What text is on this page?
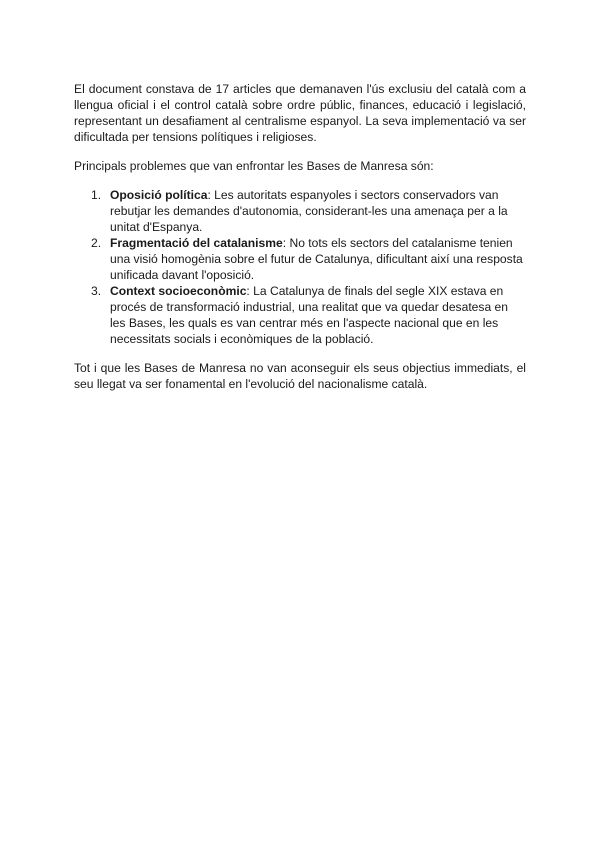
El document constava de 17 articles que demanaven l'ús exclusiu del català com a llengua oficial i el control català sobre ordre públic, finances, educació i legislació, representant un desafiament al centralisme espanyol. La seva implementació va ser dificultada per tensions polítiques i religioses.

Principals problemes que van enfrontar les Bases de Manresa són:

1. Oposició política: Les autoritats espanyoles i sectors conservadors van rebutjar les demandes d'autonomia, considerant-les una amenaça per a la unitat d'Espanya.
2. Fragmentació del catalanisme: No tots els sectors del catalanisme tenien una visió homogènia sobre el futur de Catalunya, dificultant així una resposta unificada davant l'oposició.
3. Context socioeconòmic: La Catalunya de finals del segle XIX estava en procés de transformació industrial, una realitat que va quedar desatesa en les Bases, les quals es van centrar més en l'aspecte nacional que en les necessitats socials i econòmiques de la població.

Tot i que les Bases de Manresa no van aconseguir els seus objectius immediats, el seu llegat va ser fonamental en l'evolució del nacionalisme català.
